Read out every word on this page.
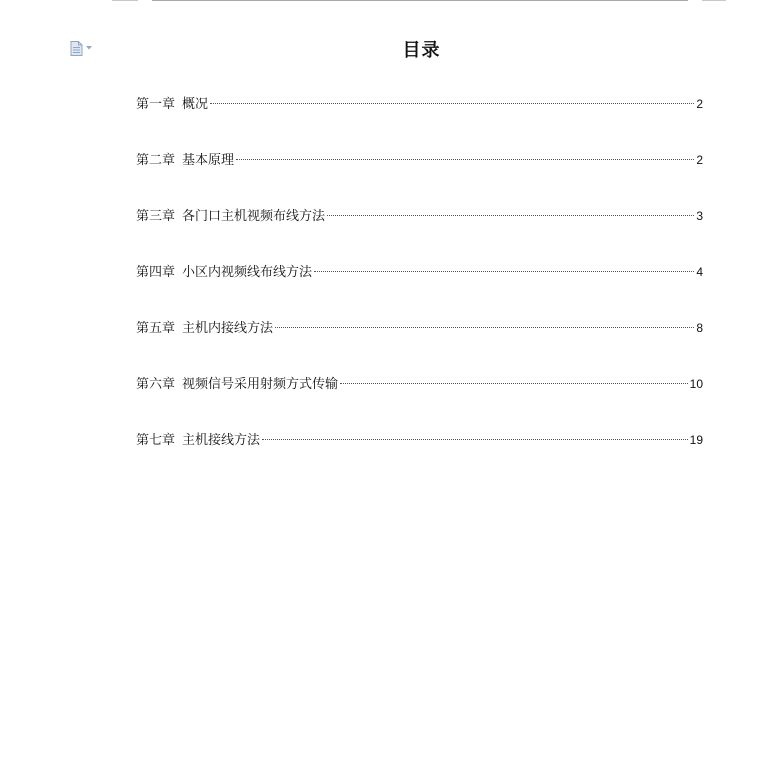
目录
第一章 概况	2
第二章 基本原理	2
第三章 各门口主机视频布线方法	3
第四章 小区内视频线布线方法	4
第五章 主机内接线方法	8
第六章 视频信号采用射频方式传输	10
第七章 主机接线方法	19
